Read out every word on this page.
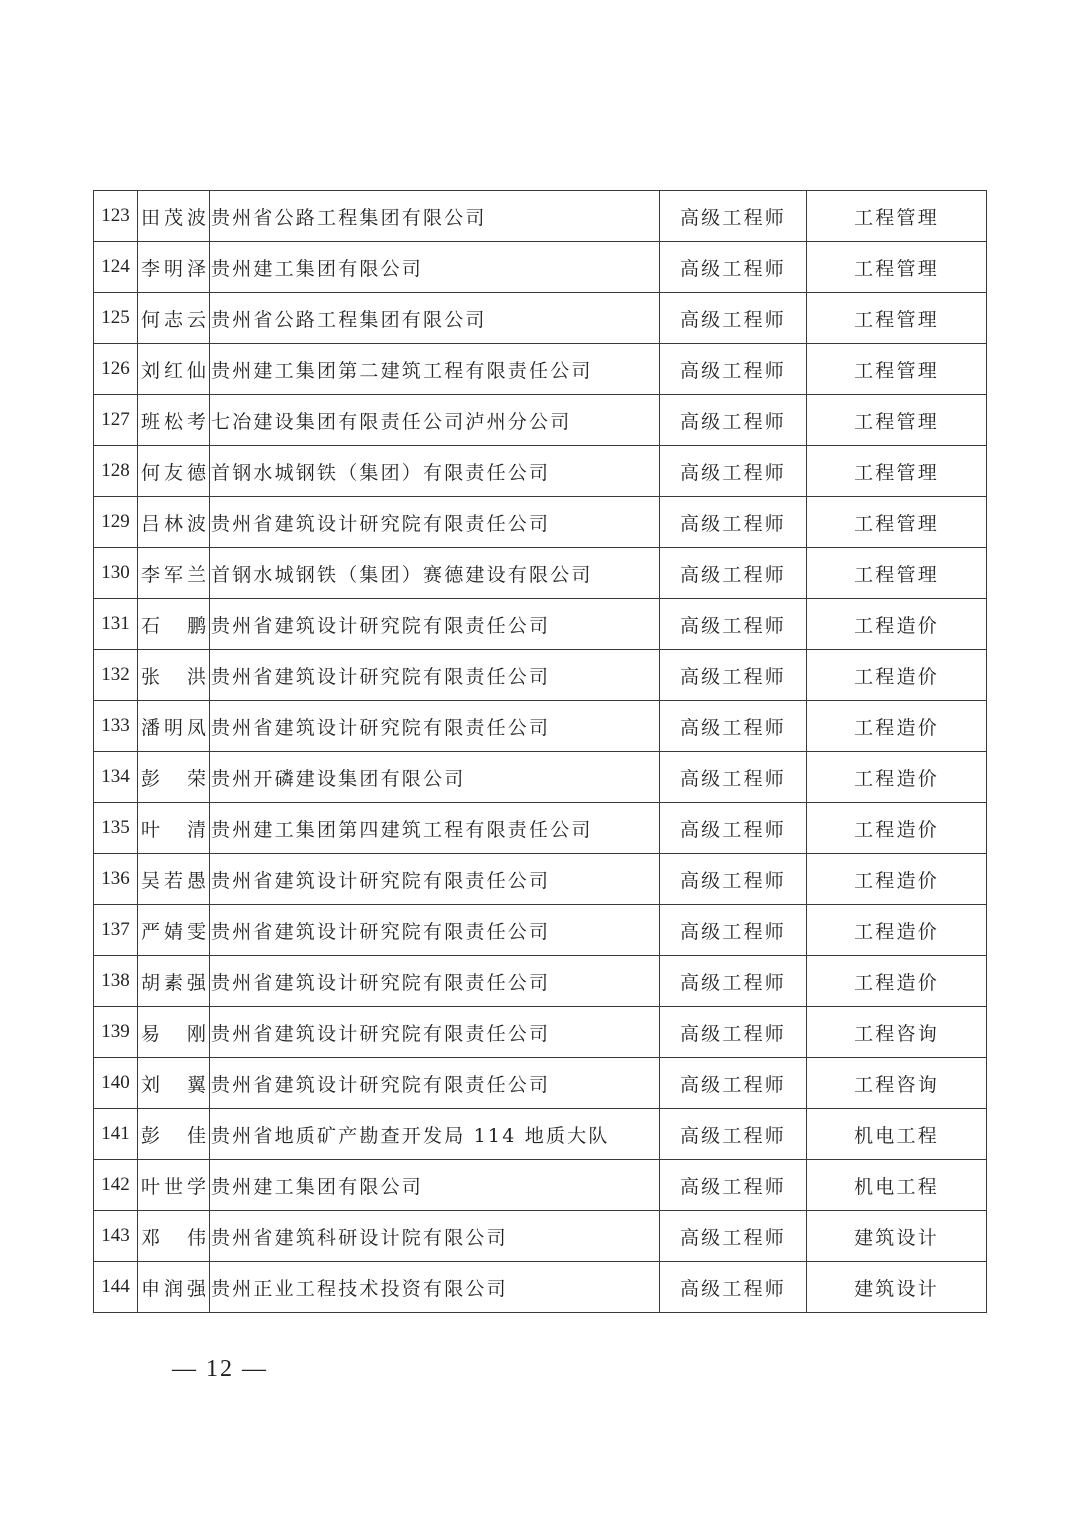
123	田茂波	贵州省公路工程集团有限公司	高级工程师	工程管理
124	李明泽	贵州建工集团有限公司	高级工程师	工程管理
125	何志云	贵州省公路工程集团有限公司	高级工程师	工程管理
126	刘红仙	贵州建工集团第二建筑工程有限责任公司	高级工程师	工程管理
127	班松考	七冶建设集团有限责任公司泸州分公司	高级工程师	工程管理
128	何友德	首钢水城钢铁（集团）有限责任公司	高级工程师	工程管理
129	吕林波	贵州省建筑设计研究院有限责任公司	高级工程师	工程管理
130	李军兰	首钢水城钢铁（集团）赛德建设有限公司	高级工程师	工程管理
131	石鹏	贵州省建筑设计研究院有限责任公司	高级工程师	工程造价
132	张洪	贵州省建筑设计研究院有限责任公司	高级工程师	工程造价
133	潘明凤	贵州省建筑设计研究院有限责任公司	高级工程师	工程造价
134	彭荣	贵州开磷建设集团有限公司	高级工程师	工程造价
135	叶清	贵州建工集团第四建筑工程有限责任公司	高级工程师	工程造价
136	吴若愚	贵州省建筑设计研究院有限责任公司	高级工程师	工程造价
137	严婧雯	贵州省建筑设计研究院有限责任公司	高级工程师	工程造价
138	胡素强	贵州省建筑设计研究院有限责任公司	高级工程师	工程造价
139	易刚	贵州省建筑设计研究院有限责任公司	高级工程师	工程咨询
140	刘翼	贵州省建筑设计研究院有限责任公司	高级工程师	工程咨询
141	彭佳	贵州省地质矿产勘查开发局 114 地质大队	高级工程师	机电工程
142	叶世学	贵州建工集团有限公司	高级工程师	机电工程
143	邓伟	贵州省建筑科研设计院有限公司	高级工程师	建筑设计
144	申润强	贵州正业工程技术投资有限公司	高级工程师	建筑设计
— 12 —
